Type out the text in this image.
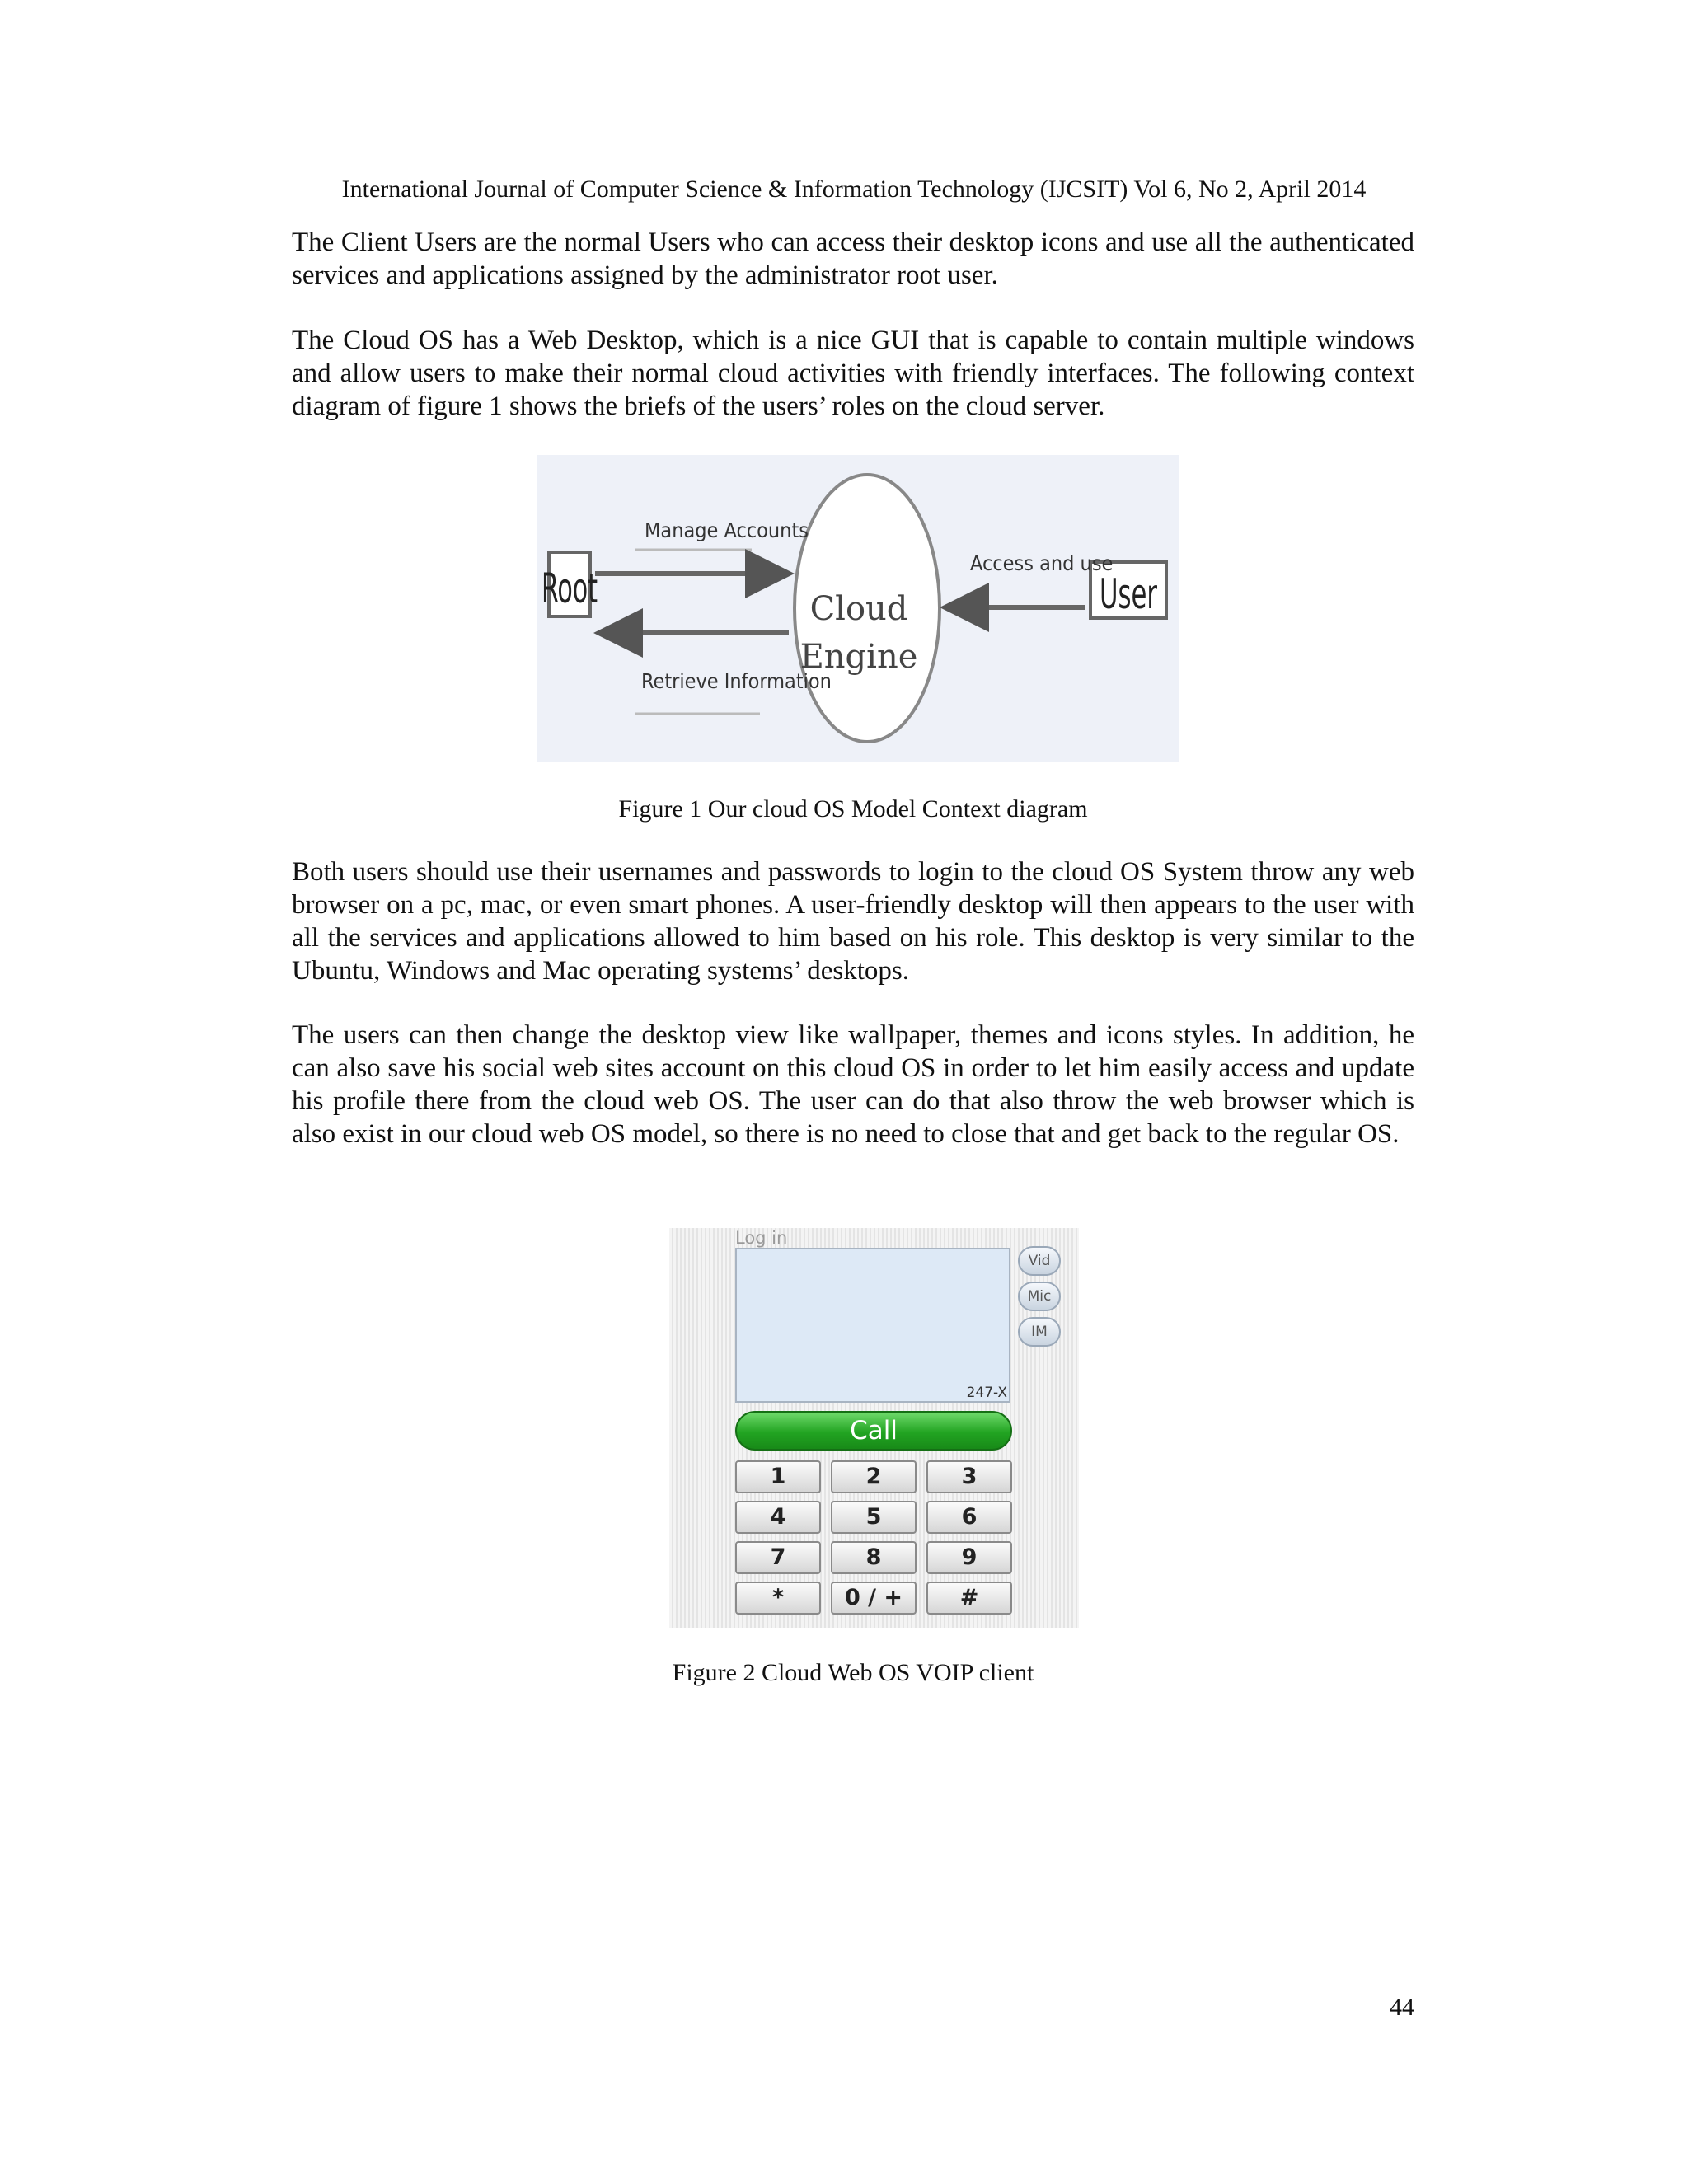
International Journal of Computer Science & Information Technology (IJCSIT) Vol 6, No 2, April 2014

The Client Users are the normal Users who can access their desktop icons and use all the authenticated services and applications assigned by the administrator root user.

The Cloud OS has a Web Desktop, which is a nice GUI that is capable to contain multiple windows and allow users to make their normal cloud activities with friendly interfaces. The following context diagram of figure 1 shows the briefs of the users’ roles on the cloud server.

Root	User
Cloud
Engine
Manage Accounts
Retrieve Information
Access and use
Figure 1 Our cloud OS Model Context diagram

Both users should use their usernames and passwords to login to the cloud OS System throw any web browser on a pc, mac, or even smart phones. A user-friendly desktop will then appears to the user with all the services and applications allowed to him based on his role. This desktop is very similar to the Ubuntu, Windows and Mac operating systems’ desktops.

The users can then change the desktop view like wallpaper, themes and icons styles. In addition, he can also save his social web sites account on this cloud OS in order to let him easily access and update his profile there from the cloud web OS. The user can do that also throw the web browser which is also exist in our cloud web OS model, so there is no need to close that and get back to the regular OS.

Log in
247-X
Vid
Mic
IM
Call
1	2	3
4	5	6
7	8	9
*	0 / +	#
Figure 2 Cloud Web OS VOIP client
44
